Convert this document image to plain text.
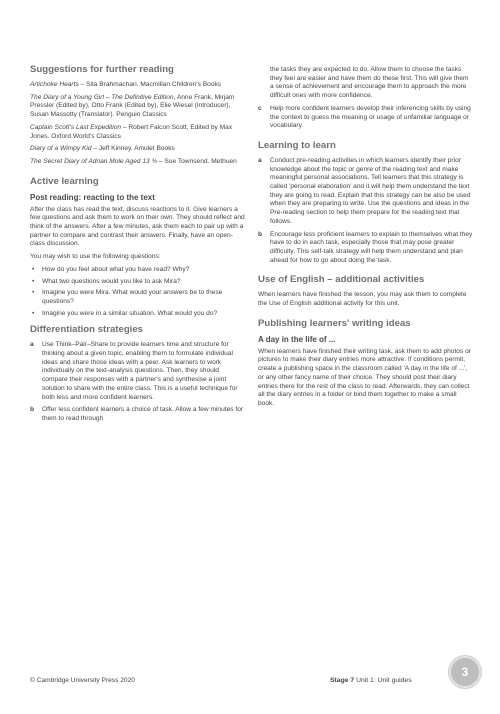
Suggestions for further reading

Artichoke Hearts – Sita Brahmachari. Macmillan Children's Books

The Diary of a Young Girl – The Definitive Edition, Anne Frank, Mirjam Pressler (Edited by), Otto Frank (Edited by), Elie Wiesel (Introducer), Susan Massotty (Translator). Penguin Classics

Captain Scott's Last Expedition – Robert Falcon Scott, Edited by Max Jones. Oxford World's Classics

Diary of a Wimpy Kid – Jeff Kinney. Amulet Books

The Secret Diary of Adrian Mole Aged 13 ¾ – Sue Townsend. Methuen

Active learning
Post reading: reacting to the text

After the class has read the text, discuss reactions to it. Give learners a few questions and ask them to work on their own. They should reflect and think of the answers. After a few minutes, ask them each to pair up with a partner to compare and contrast their answers. Finally, have an open-class discussion.

You may wish to use the following questions:

• How do you feel about what you have read? Why?
• What two questions would you like to ask Mira?
• Imagine you were Mira. What would your answers be to these questions?
• Imagine you were in a similar situation. What would you do?
Differentiation strategies
a	Use Think–Pair–Share to provide learners time and structure for thinking about a given topic, enabling them to formulate individual ideas and share those ideas with a peer. Ask learners to work individually on the text-analysis questions. Then, they should compare their responses with a partner's and synthesise a joint solution to share with the entire class. This is a useful technique for both less and more confident learners.
b	Offer less confident learners a choice of task. Allow a few minutes for them to read through

the tasks they are expected to do. Allow them to choose the tasks they feel are easier and have them do these first. This will give them a sense of achievement and encourage them to approach the more difficult ones with more confidence.

c	Help more confident learners develop their inferencing skills by using the context to guess the meaning or usage of unfamiliar language or vocabulary.
Learning to learn
a	Conduct pre-reading activities in which learners identify their prior knowledge about the topic or genre of the reading text and make meaningful personal associations. Tell learners that this strategy is called 'personal elaboration' and it will help them understand the text they are going to read. Explain that this strategy can be also be used when they are preparing to write. Use the questions and ideas in the Pre-reading section to help them prepare for the reading text that follows.
b	Encourage less proficient learners to explain to themselves what they have to do in each task, especially those that may pose greater difficulty. This self-talk strategy will help them understand and plan ahead for how to go about doing the task.
Use of English – additional activities

When learners have finished the lesson, you may ask them to complete the Use of English additional activity for this unit.

Publishing learners' writing ideas
A day in the life of ...

When learners have finished their writing task, ask them to add photos or pictures to make their diary entries more attractive. If conditions permit, create a publishing space in the classroom called 'A day in the life of ...', or any other fancy name of their choice. They should post their diary entries there for the rest of the class to read. Afterwards, they can collect all the diary entries in a folder or bind them together to make a small book.

© Cambridge University Press 2020	Stage 7 Unit 1: Unit guides
3
